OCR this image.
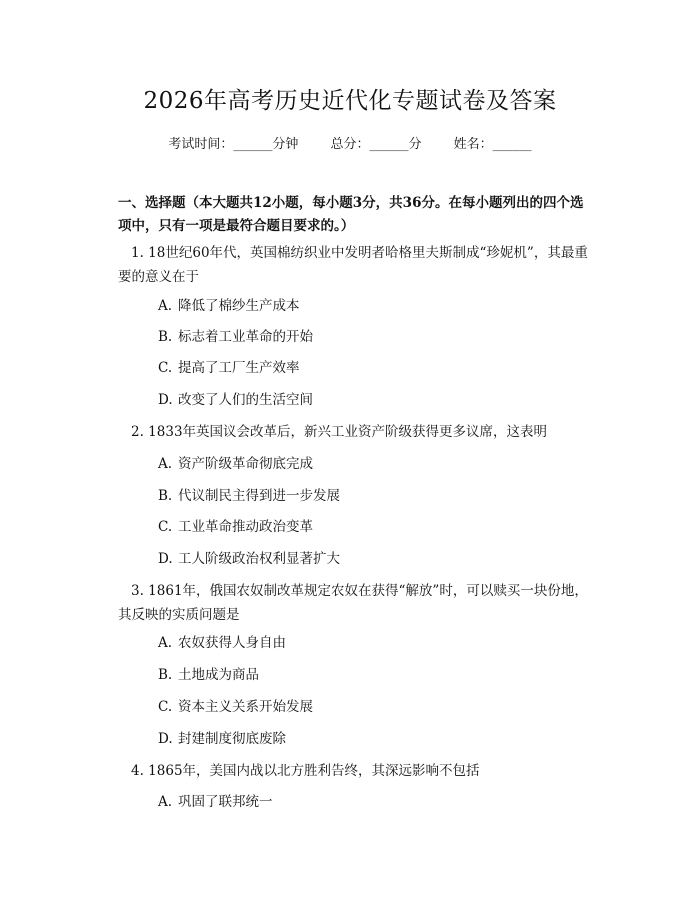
2026年高考历史近代化专题试卷及答案
考试时间：______分钟 总分：______分 姓名：______
一、选择题（本大题共12小题，每小题3分，共36分。在每小题列出的四个选项中，只有一项是最符合题目要求的。）
1. 18世纪60年代，英国棉纺织业中发明者哈格里夫斯制成“珍妮机”，其最重要的意义在于
A. 降低了棉纱生产成本
B. 标志着工业革命的开始
C. 提高了工厂生产效率
D. 改变了人们的生活空间
2. 1833年英国议会改革后，新兴工业资产阶级获得更多议席，这表明
A. 资产阶级革命彻底完成
B. 代议制民主得到进一步发展
C. 工业革命推动政治变革
D. 工人阶级政治权利显著扩大
3. 1861年，俄国农奴制改革规定农奴在获得“解放”时，可以赎买一块份地，其反映的实质问题是
A. 农奴获得人身自由
B. 土地成为商品
C. 资本主义关系开始发展
D. 封建制度彻底废除
4. 1865年，美国内战以北方胜利告终，其深远影响不包括
A. 巩固了联邦统一
